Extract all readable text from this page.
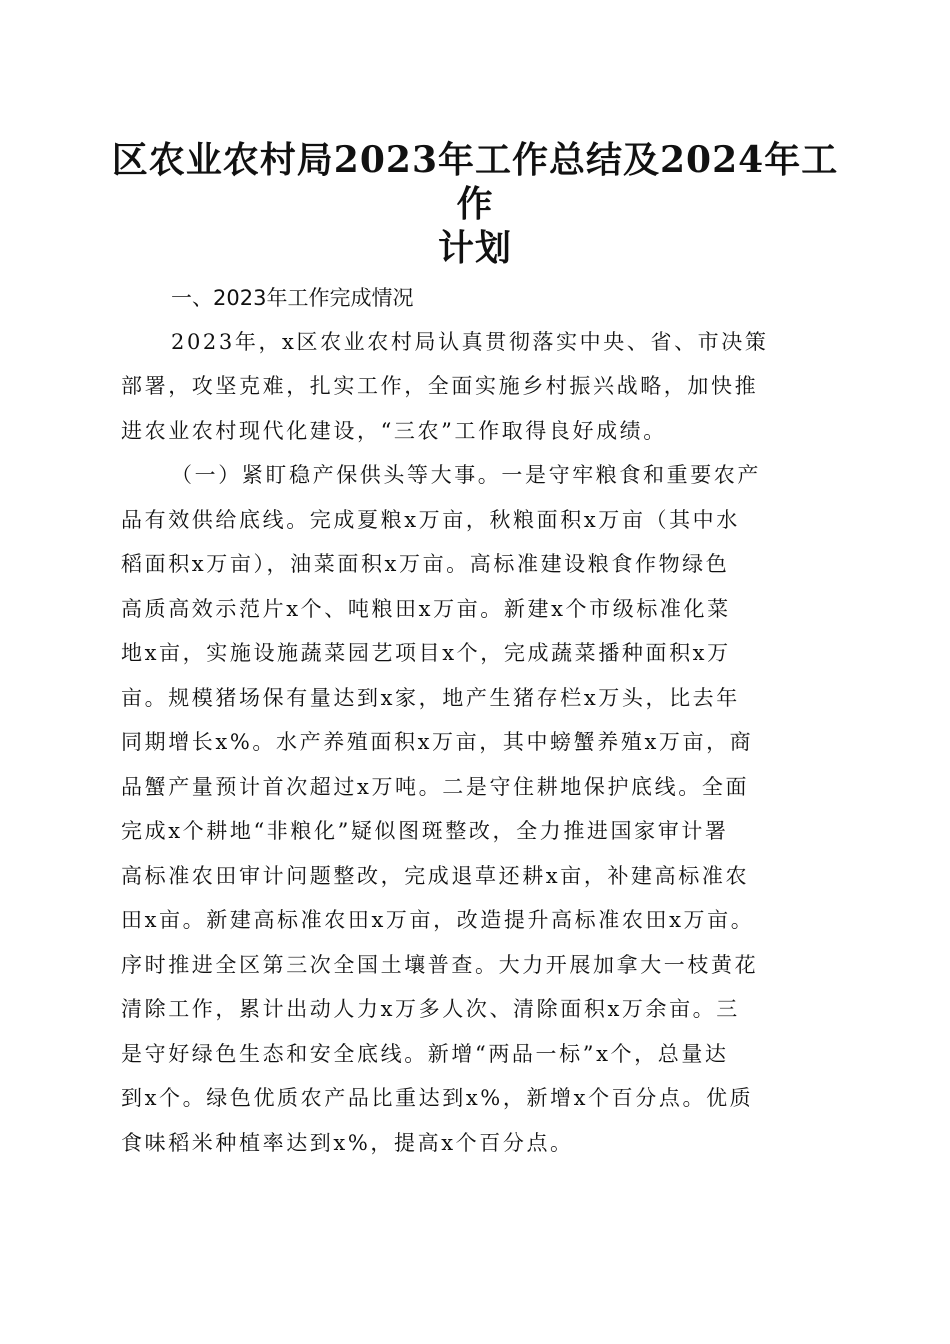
区农业农村局2023年工作总结及2024年工作
计划

一、2023年工作完成情况

2023年，x区农业农村局认真贯彻落实中央、省、市决策

部署，攻坚克难，扎实工作，全面实施乡村振兴战略，加快推

进农业农村现代化建设，“三农”工作取得良好成绩。

（一）紧盯稳产保供头等大事。一是守牢粮食和重要农产

品有效供给底线。完成夏粮x万亩，秋粮面积x万亩（其中水

稻面积x万亩），油菜面积x万亩。高标准建设粮食作物绿色

高质高效示范片x个、吨粮田x万亩。新建x个市级标准化菜

地x亩，实施设施蔬菜园艺项目x个，完成蔬菜播种面积x万

亩。规模猪场保有量达到x家，地产生猪存栏x万头，比去年

同期增长x%。水产养殖面积x万亩，其中螃蟹养殖x万亩，商

品蟹产量预计首次超过x万吨。二是守住耕地保护底线。全面

完成x个耕地“非粮化”疑似图斑整改，全力推进国家审计署

高标准农田审计问题整改，完成退草还耕x亩，补建高标准农

田x亩。新建高标准农田x万亩，改造提升高标准农田x万亩。

序时推进全区第三次全国土壤普查。大力开展加拿大一枝黄花

清除工作，累计出动人力x万多人次、清除面积x万余亩。三

是守好绿色生态和安全底线。新增“两品一标”x个，总量达

到x个。绿色优质农产品比重达到x%，新增x个百分点。优质

食味稻米种植率达到x%，提高x个百分点。
